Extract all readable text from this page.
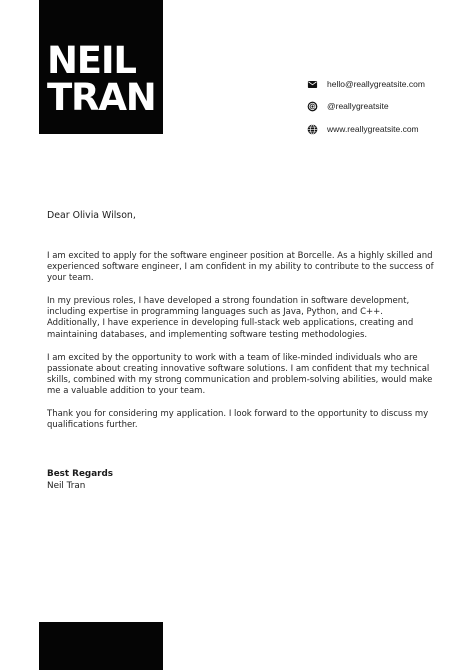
NEIL
TRAN	hello@reallygreatsite.com
@reallygreatsite
www.reallygreatsite.com

Dear Olivia Wilson,

I am excited to apply for the software engineer position at Borcelle. As a highly skilled and experienced software engineer, I am confident in my ability to contribute to the success of your team.

In my previous roles, I have developed a strong foundation in software development, including expertise in programming languages such as Java, Python, and C++. Additionally, I have experience in developing full-stack web applications, creating and maintaining databases, and implementing software testing methodologies.

I am excited by the opportunity to work with a team of like-minded individuals who are passionate about creating innovative software solutions. I am confident that my technical skills, combined with my strong communication and problem-solving abilities, would make me a valuable addition to your team.

Thank you for considering my application. I look forward to the opportunity to discuss my qualifications further.

Best Regards
Neil Tran
